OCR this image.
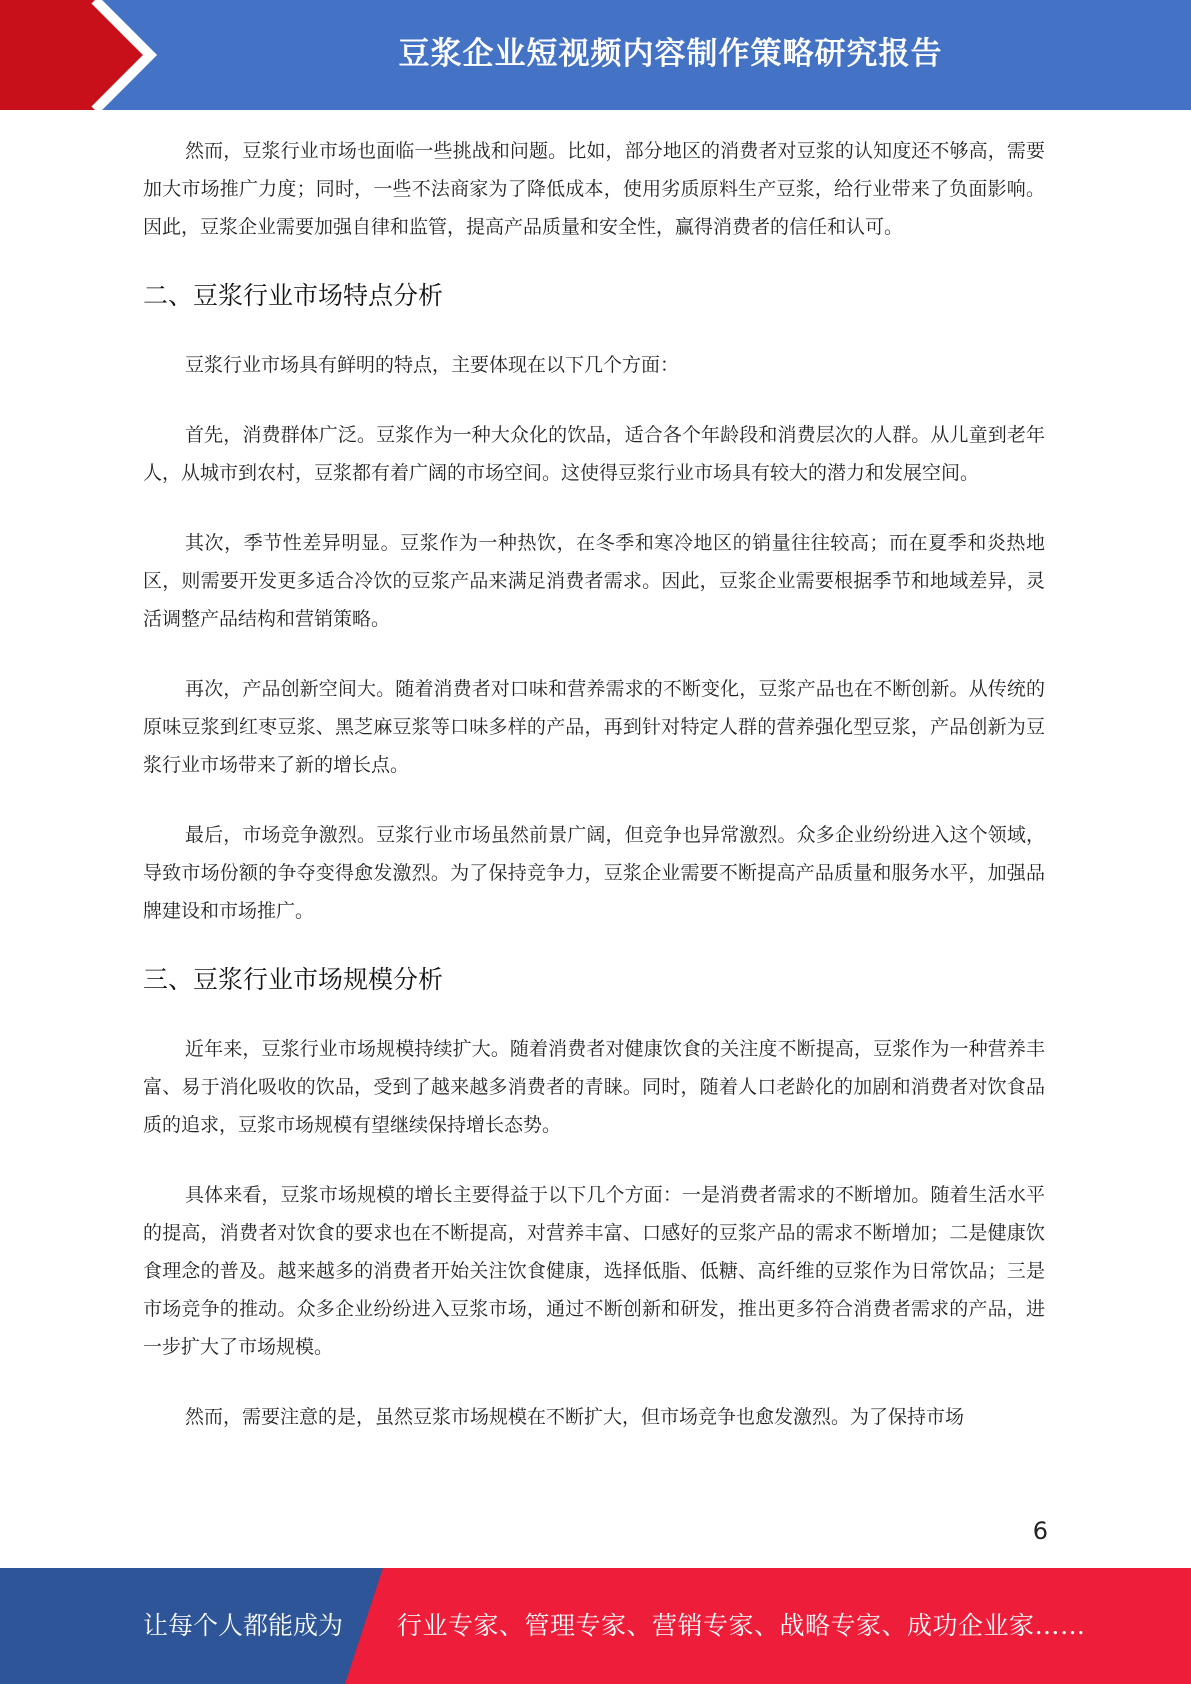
豆浆企业短视频内容制作策略研究报告

然而，豆浆行业市场也面临一些挑战和问题。比如，部分地区的消费者对豆浆的认知度还不够高，需要加大市场推广力度；同时，一些不法商家为了降低成本，使用劣质原料生产豆浆，给行业带来了负面影响。因此，豆浆企业需要加强自律和监管，提高产品质量和安全性，赢得消费者的信任和认可。

二、豆浆行业市场特点分析

豆浆行业市场具有鲜明的特点，主要体现在以下几个方面：

首先，消费群体广泛。豆浆作为一种大众化的饮品，适合各个年龄段和消费层次的人群。从儿童到老年人，从城市到农村，豆浆都有着广阔的市场空间。这使得豆浆行业市场具有较大的潜力和发展空间。

其次，季节性差异明显。豆浆作为一种热饮，在冬季和寒冷地区的销量往往较高；而在夏季和炎热地区，则需要开发更多适合冷饮的豆浆产品来满足消费者需求。因此，豆浆企业需要根据季节和地域差异，灵活调整产品结构和营销策略。

再次，产品创新空间大。随着消费者对口味和营养需求的不断变化，豆浆产品也在不断创新。从传统的原味豆浆到红枣豆浆、黑芝麻豆浆等口味多样的产品，再到针对特定人群的营养强化型豆浆，产品创新为豆浆行业市场带来了新的增长点。

最后，市场竞争激烈。豆浆行业市场虽然前景广阔，但竞争也异常激烈。众多企业纷纷进入这个领域，导致市场份额的争夺变得愈发激烈。为了保持竞争力，豆浆企业需要不断提高产品质量和服务水平，加强品牌建设和市场推广。

三、豆浆行业市场规模分析

近年来，豆浆行业市场规模持续扩大。随着消费者对健康饮食的关注度不断提高，豆浆作为一种营养丰富、易于消化吸收的饮品，受到了越来越多消费者的青睐。同时，随着人口老龄化的加剧和消费者对饮食品质的追求，豆浆市场规模有望继续保持增长态势。

具体来看，豆浆市场规模的增长主要得益于以下几个方面：一是消费者需求的不断增加。随着生活水平的提高，消费者对饮食的要求也在不断提高，对营养丰富、口感好的豆浆产品的需求不断增加；二是健康饮食理念的普及。越来越多的消费者开始关注饮食健康，选择低脂、低糖、高纤维的豆浆作为日常饮品；三是市场竞争的推动。众多企业纷纷进入豆浆市场，通过不断创新和研发，推出更多符合消费者需求的产品，进一步扩大了市场规模。

然而，需要注意的是，虽然豆浆市场规模在不断扩大，但市场竞争也愈发激烈。为了保持市场

6
让每个人都能成为 行业专家、管理专家、营销专家、战略专家、成功企业家……
